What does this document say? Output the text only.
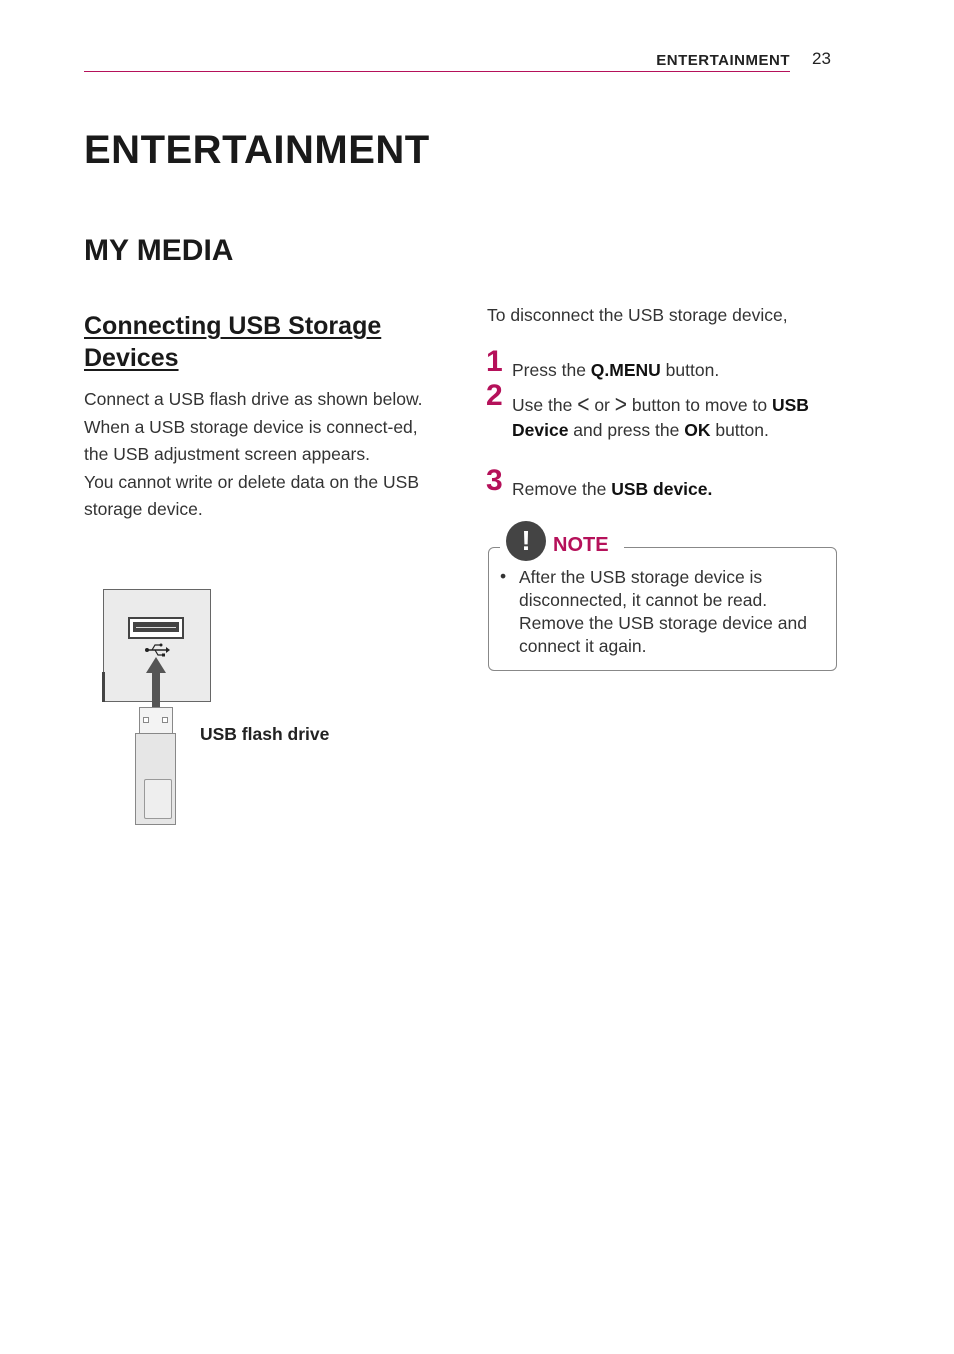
ENTERTAINMENT 23
ENTERTAINMENT
MY MEDIA
Connecting USB Storage Devices

Connect a USB flash drive as shown below.

When a USB storage device is connect-ed, the USB adjustment screen appears.

You cannot write or delete data on the USB storage device.

USB flash drive
To disconnect the USB storage device,
1 Press the Q.MENU button.
2 Use the < or > button to move to USB Device and press the OK button.
3 Remove the USB device.
!	NOTE
• After the USB storage device is disconnected, it cannot be read. Remove the USB storage device and connect it again.
